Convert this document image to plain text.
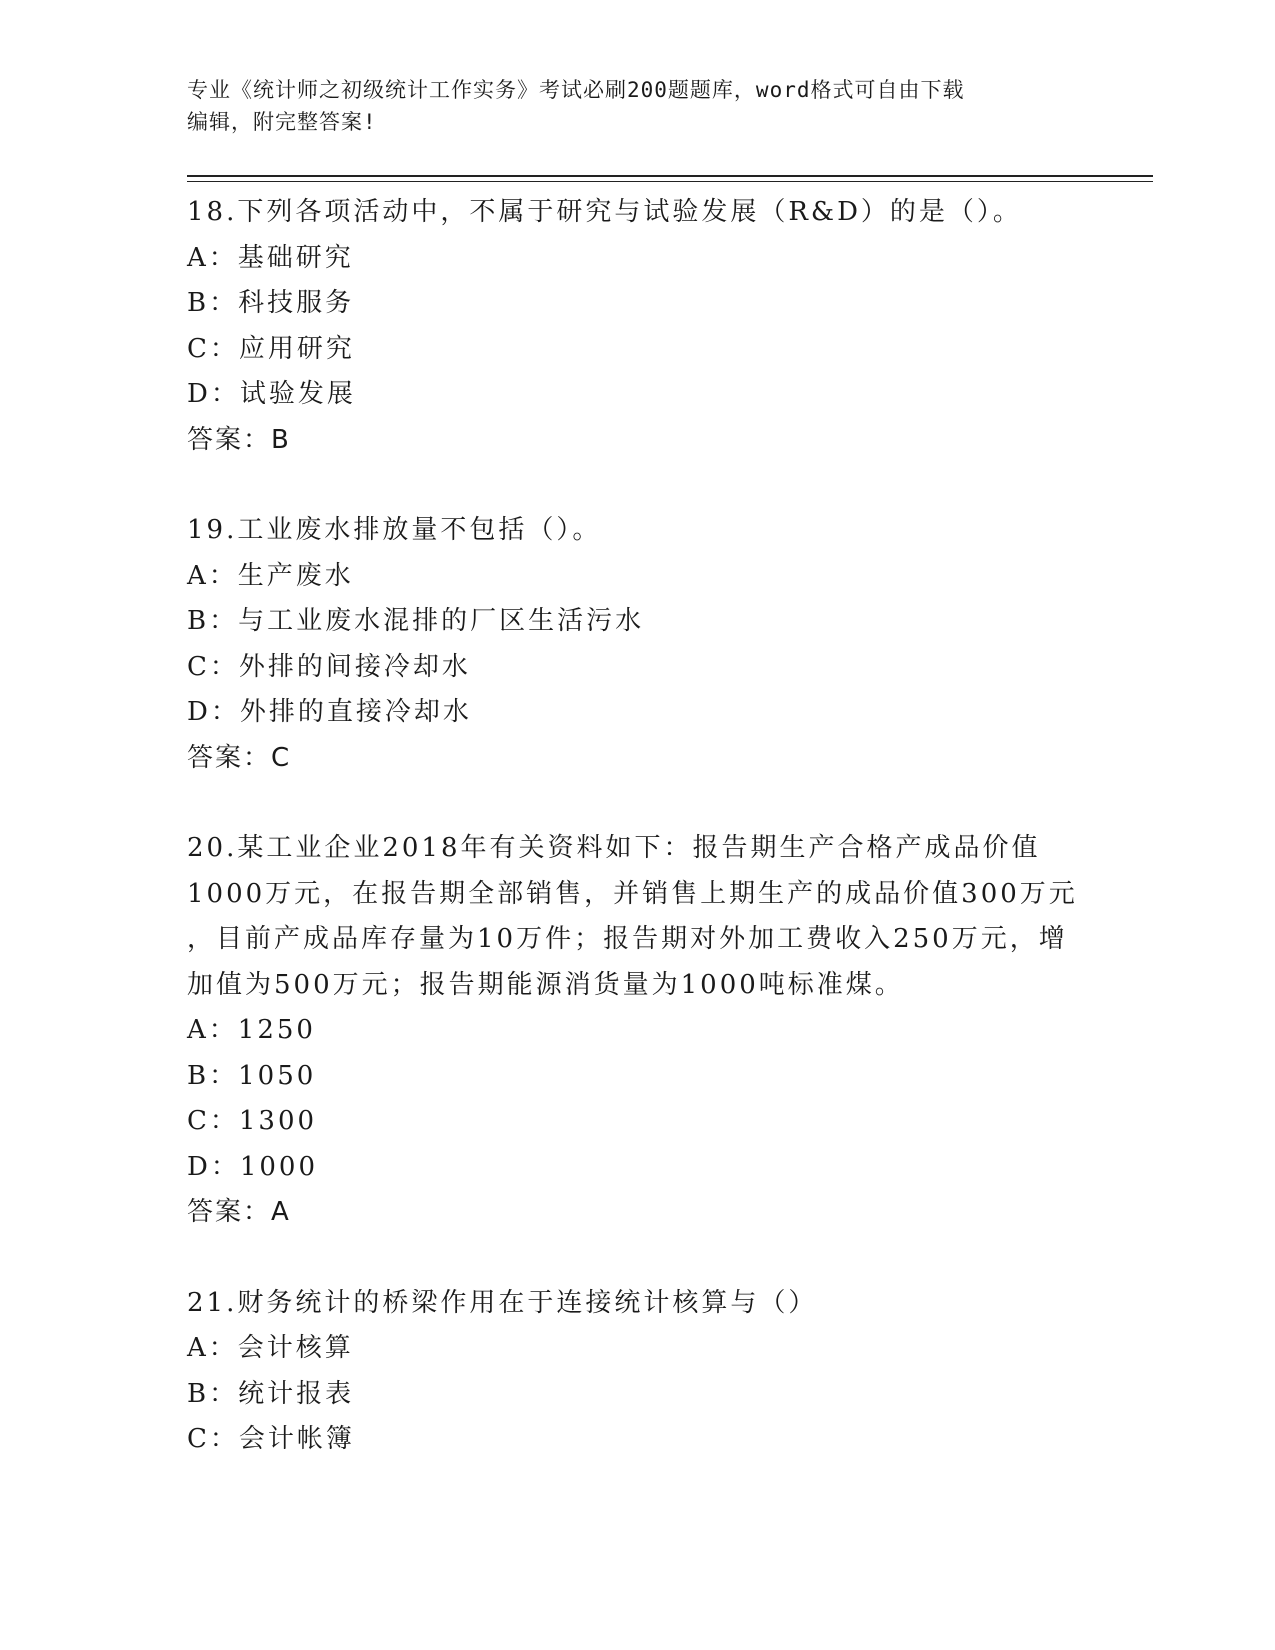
专业《统计师之初级统计工作实务》考试必刷200题题库，word格式可自由下载
编辑，附完整答案!
18.下列各项活动中，不属于研究与试验发展（R&D）的是（）。
A：基础研究
B：科技服务
C：应用研究
D：试验发展
答案：B
19.工业废水排放量不包括（）。
A：生产废水
B：与工业废水混排的厂区生活污水
C：外排的间接冷却水
D：外排的直接冷却水
答案：C
20.某工业企业2018年有关资料如下：报告期生产合格产成品价值
1000万元，在报告期全部销售，并销售上期生产的成品价值300万元
，目前产成品库存量为10万件；报告期对外加工费收入250万元，增
加值为500万元；报告期能源消货量为1000吨标准煤。
A：1250
B：1050
C：1300
D：1000
答案：A
21.财务统计的桥梁作用在于连接统计核算与（）
A：会计核算
B：统计报表
C：会计帐簿
